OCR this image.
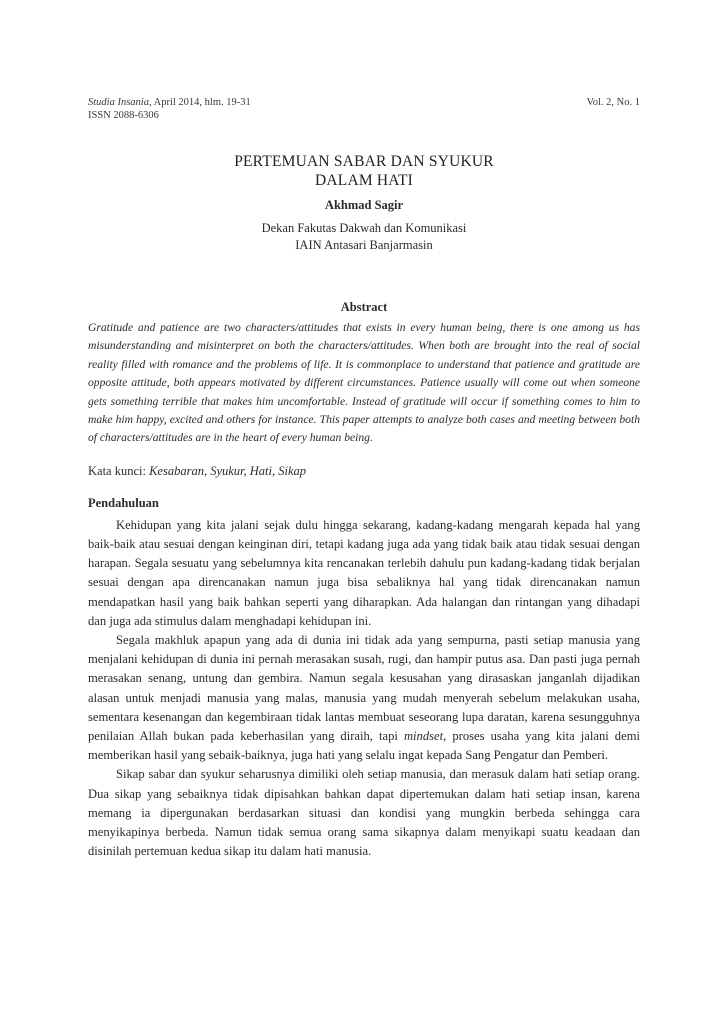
Studia Insania, April 2014, hlm. 19-31
ISSN 2088-6306
Vol. 2, No. 1
PERTEMUAN SABAR DAN SYUKUR
DALAM HATI
Akhmad Sagir
Dekan Fakutas Dakwah dan Komunikasi
IAIN Antasari Banjarmasin
Abstract
Gratitude and patience are two characters/attitudes that exists in every human being, there is one among us has misunderstanding and misinterpret on both the characters/attitudes. When both are brought into the real of social reality filled with romance and the problems of life. It is commonplace to understand that patience and gratitude are opposite attitude, both appears motivated by different circumstances. Patience usually will come out when someone gets something terrible that makes him uncomfortable. Instead of gratitude will occur if something comes to him to make him happy, excited and others for instance. This paper attempts to analyze both cases and meeting between both of characters/attitudes are in the heart of every human being.
Kata kunci: Kesabaran, Syukur, Hati, Sikap
Pendahuluan

Kehidupan yang kita jalani sejak dulu hingga sekarang, kadang-kadang mengarah kepada hal yang baik-baik atau sesuai dengan keinginan diri, tetapi kadang juga ada yang tidak baik atau tidak sesuai dengan harapan. Segala sesuatu yang sebelumnya kita rencanakan terlebih dahulu pun kadang-kadang tidak berjalan sesuai dengan apa direncanakan namun juga bisa sebaliknya hal yang tidak direncanakan namun mendapatkan hasil yang baik bahkan seperti yang diharapkan. Ada halangan dan rintangan yang dihadapi dan juga ada stimulus dalam menghadapi kehidupan ini.

Segala makhluk apapun yang ada di dunia ini tidak ada yang sempurna, pasti setiap manusia yang menjalani kehidupan di dunia ini pernah merasakan susah, rugi, dan hampir putus asa. Dan pasti juga pernah merasakan senang, untung dan gembira. Namun segala kesusahan yang dirasaskan janganlah dijadikan alasan untuk menjadi manusia yang malas, manusia yang mudah menyerah sebelum melakukan usaha, sementara kesenangan dan kegembiraan tidak lantas membuat seseorang lupa daratan, karena sesungguhnya penilaian Allah bukan pada keberhasilan yang diraih, tapi mindset, proses usaha yang kita jalani demi memberikan hasil yang sebaik-baiknya, juga hati yang selalu ingat kepada Sang Pengatur dan Pemberi.

Sikap sabar dan syukur seharusnya dimiliki oleh setiap manusia, dan merasuk dalam hati setiap orang. Dua sikap yang sebaiknya tidak dipisahkan bahkan dapat dipertemukan dalam hati setiap insan, karena memang ia dipergunakan berdasarkan situasi dan kondisi yang mungkin berbeda sehingga cara menyikapinya berbeda. Namun tidak semua orang sama sikapnya dalam menyikapi suatu keadaan dan disinilah pertemuan kedua sikap itu dalam hati manusia.
